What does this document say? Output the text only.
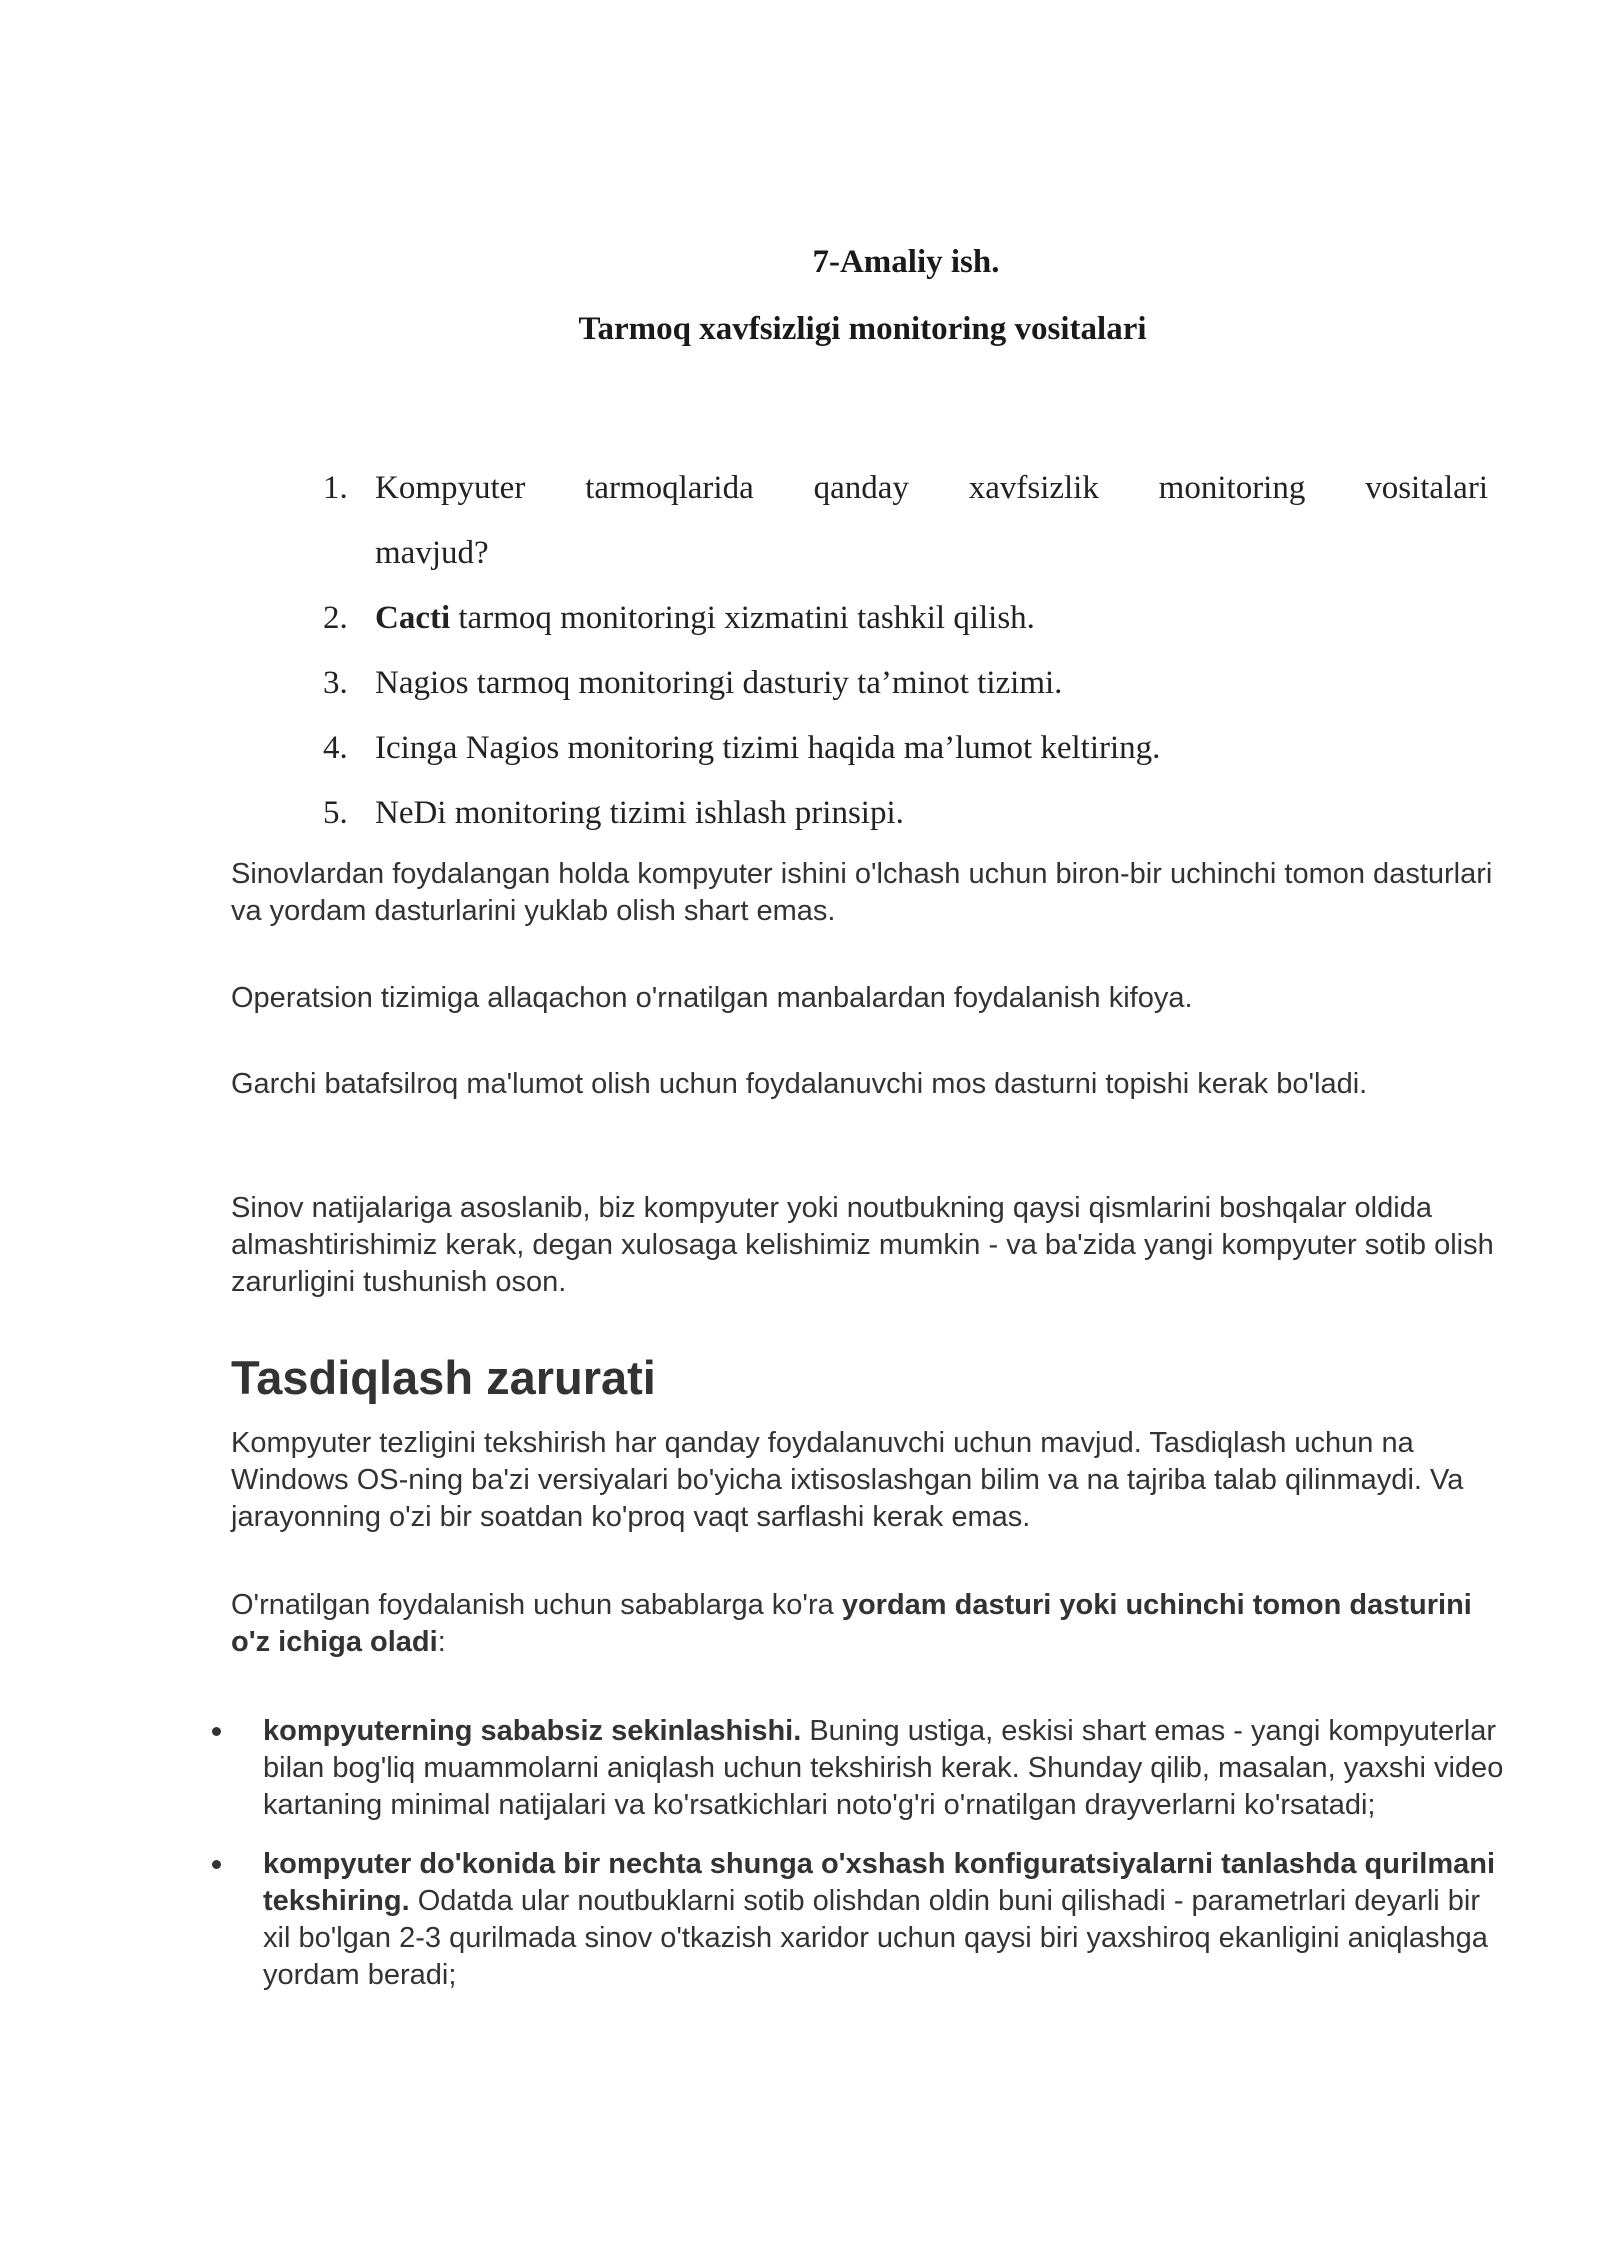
7-Amaliy ish.
Tarmoq xavfsizligi monitoring vositalari
1. Kompyuter tarmoqlarida qanday xavfsizlik monitoring vositalari
mavjud?
2. Cacti tarmoq monitoringi xizmatini tashkil qilish.
3. Nagios tarmoq monitoringi dasturiy ta’minot tizimi.
4. Icinga Nagios monitoring tizimi haqida ma’lumot keltiring.
5. NeDi monitoring tizimi ishlash prinsipi.

Sinovlardan foydalangan holda kompyuter ishini o'lchash uchun biron-bir uchinchi tomon dasturlari va yordam dasturlarini yuklab olish shart emas.

Operatsion tizimiga allaqachon o'rnatilgan manbalardan foydalanish kifoya.

Garchi batafsilroq ma'lumot olish uchun foydalanuvchi mos dasturni topishi kerak bo'ladi.

Sinov natijalariga asoslanib, biz kompyuter yoki noutbukning qaysi qismlarini boshqalar oldida almashtirishimiz kerak, degan xulosaga kelishimiz mumkin - va ba'zida yangi kompyuter sotib olish zarurligini tushunish oson.

Tasdiqlash zarurati

Kompyuter tezligini tekshirish har qanday foydalanuvchi uchun mavjud. Tasdiqlash uchun na Windows OS-ning ba'zi versiyalari bo'yicha ixtisoslashgan bilim va na tajriba talab qilinmaydi. Va jarayonning o'zi bir soatdan ko'proq vaqt sarflashi kerak emas.

O'rnatilgan foydalanish uchun sabablarga ko'ra yordam dasturi yoki uchinchi tomon dasturini o'z ichiga oladi:

kompyuterning sababsiz sekinlashishi. Buning ustiga, eskisi shart emas - yangi kompyuterlar bilan bog'liq muammolarni aniqlash uchun tekshirish kerak. Shunday qilib, masalan, yaxshi video kartaning minimal natijalari va ko'rsatkichlari noto'g'ri o'rnatilgan drayverlarni ko'rsatadi;
kompyuter do'konida bir nechta shunga o'xshash konfiguratsiyalarni tanlashda qurilmani tekshiring. Odatda ular noutbuklarni sotib olishdan oldin buni qilishadi - parametrlari deyarli bir xil bo'lgan 2-3 qurilmada sinov o'tkazish xaridor uchun qaysi biri yaxshiroq ekanligini aniqlashga yordam beradi;
